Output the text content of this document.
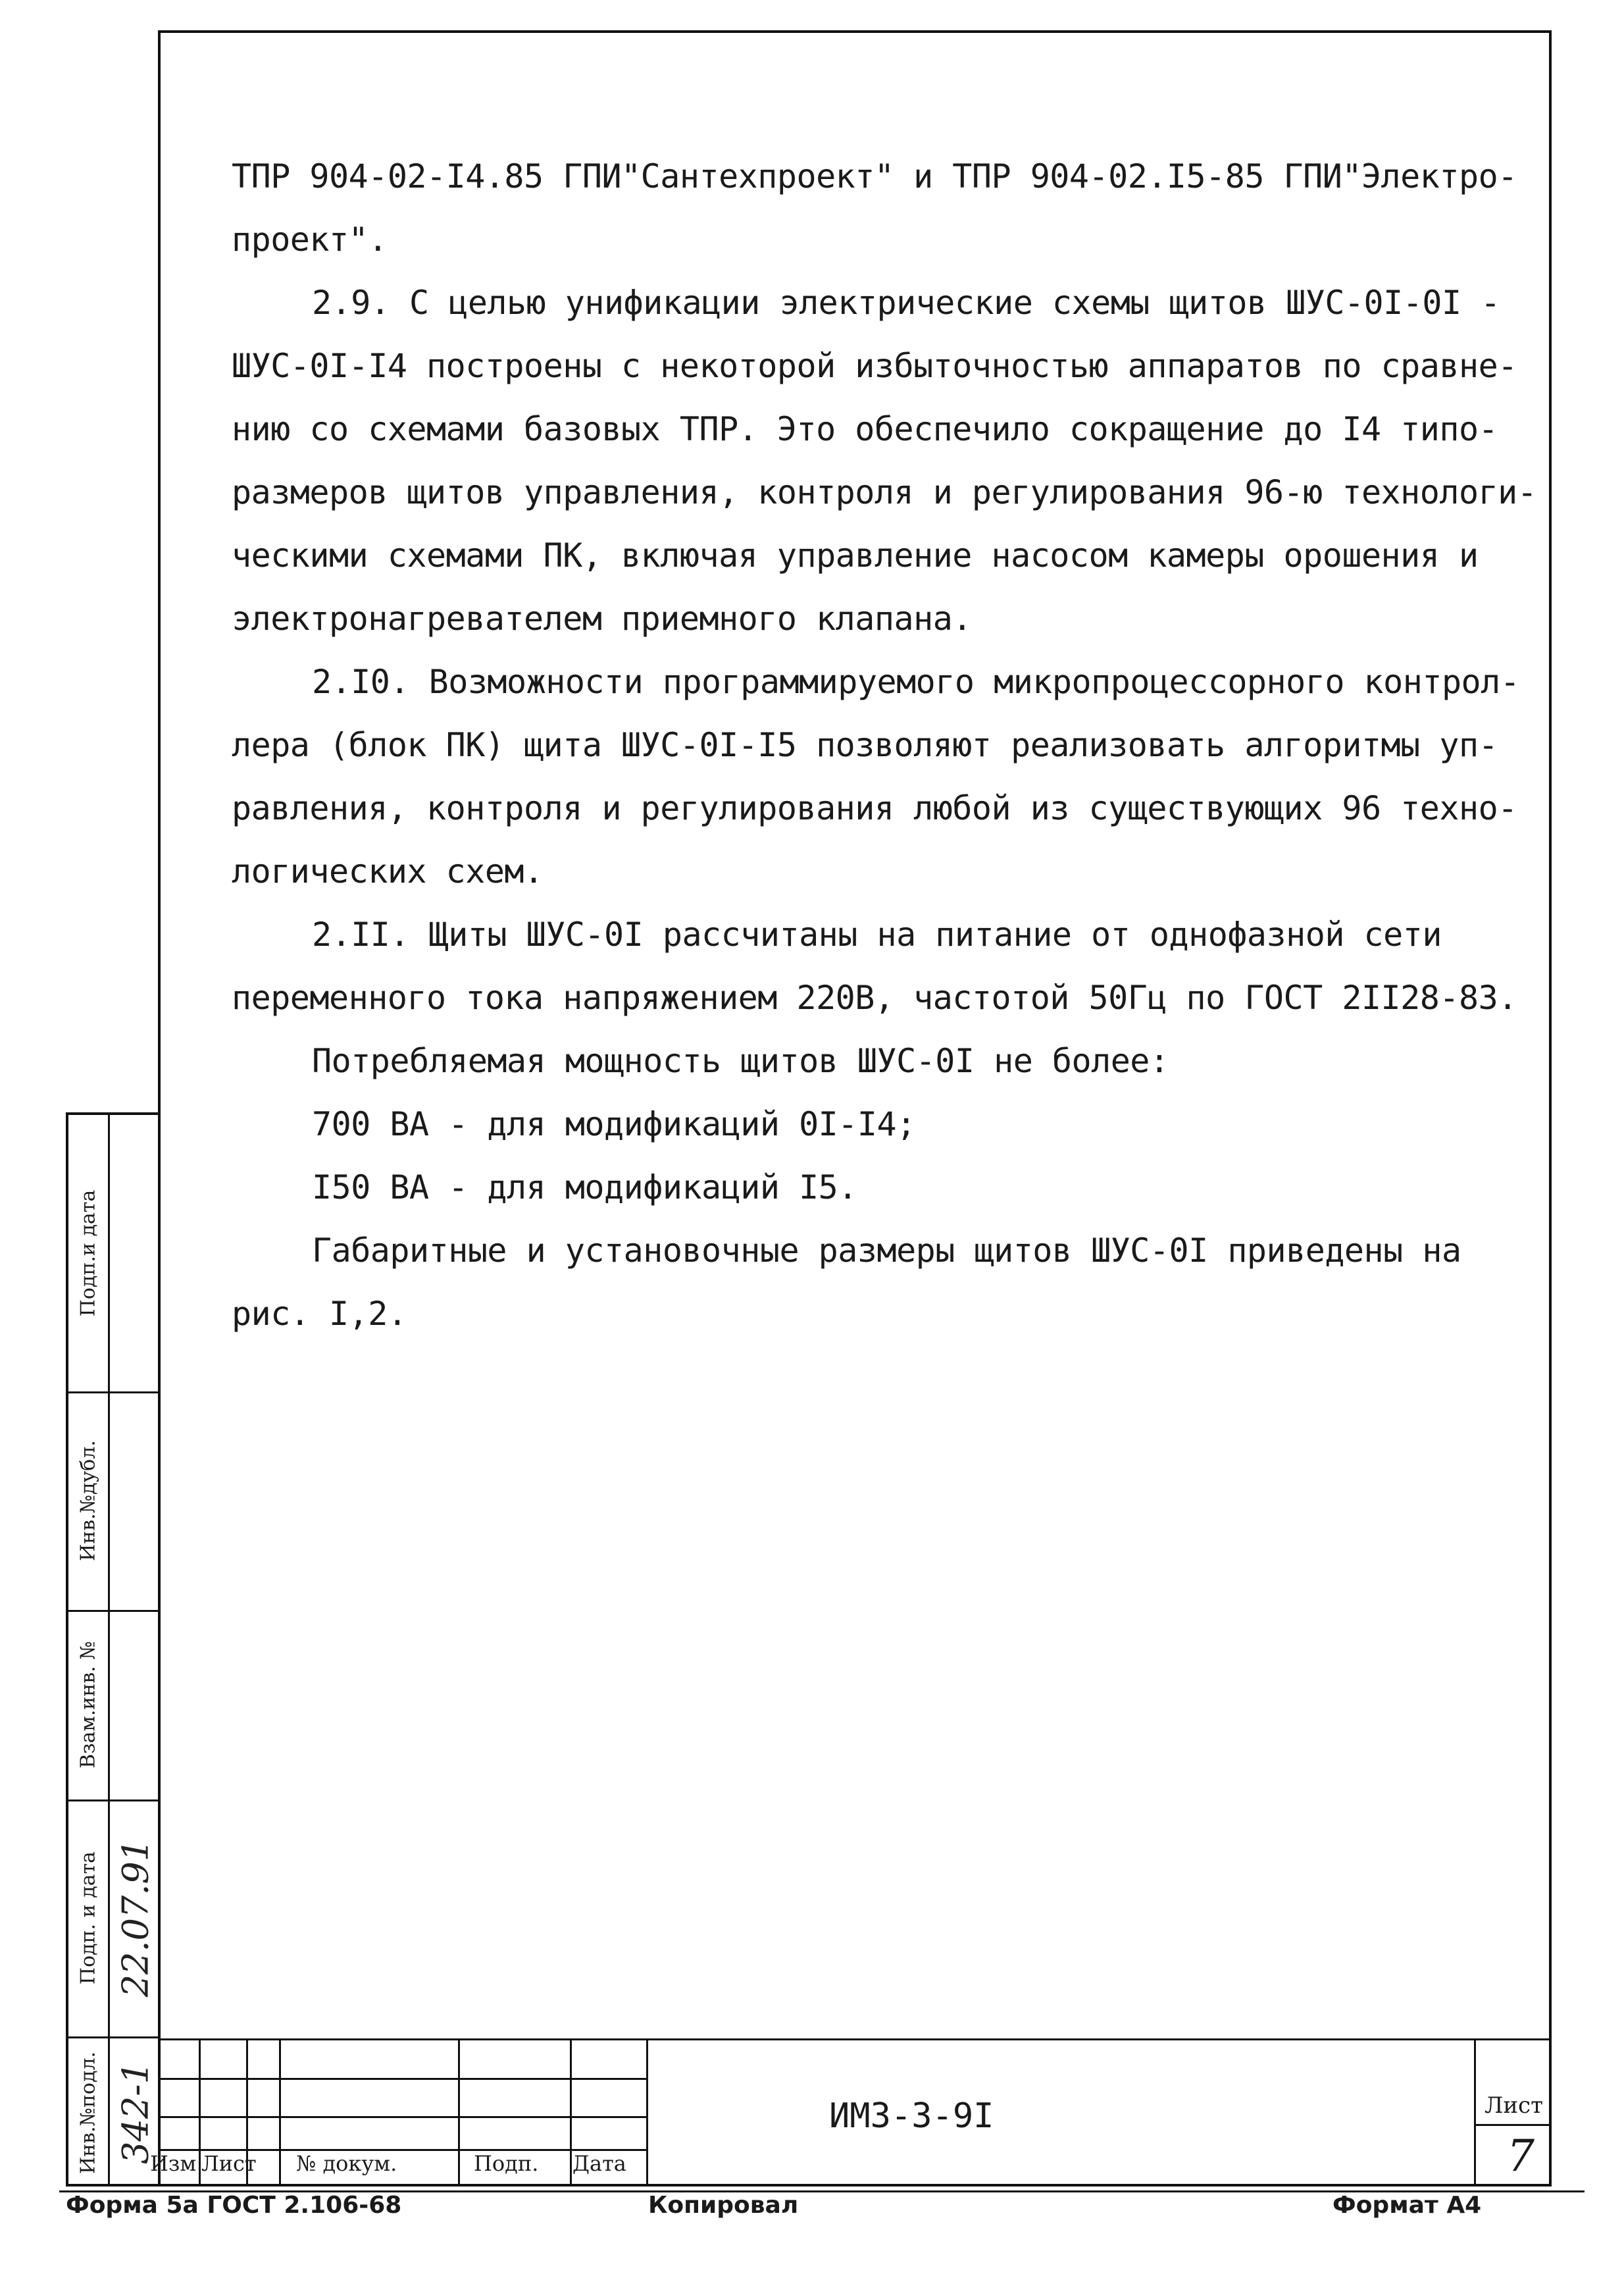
ТПР 904-02-I4.85 ГПИ"Сантехпроект" и ТПР 904-02.I5-85 ГПИ"Электро-

проект".

2.9. С целью унификации электрические схемы щитов ШУС-0I-0I -

ШУС-0I-I4 построены с некоторой избыточностью аппаратов по сравне-

нию со схемами базовых ТПР. Это обеспечило сокращение до I4 типо-

размеров щитов управления, контроля и регулирования 96-ю технологи-

ческими схемами ПК, включая управление насосом камеры орошения и

электронагревателем приемного клапана.

2.I0. Возможности программируемого микропроцессорного контрол-

лера (блок ПК) щита ШУС-0I-I5 позволяют реализовать алгоритмы уп-

равления, контроля и регулирования любой из существующих 96 техно-

логических схем.

2.II. Щиты ШУС-0I рассчитаны на питание от однофазной сети

переменного тока напряжением 220В, частотой 50Гц по ГОСТ 2II28-83.

Потребляемая мощность щитов ШУС-0I не более:

700 ВА - для модификаций 0I-I4;

I50 ВА - для модификаций I5.

Габаритные и установочные размеры щитов ШУС-0I приведены на

рис. I,2.

Подп.и дата
Инв.№дубл.
Взам.инв. №
Подп. и дата
Инв.№подл.
22.07.91
342-1
Изм Лист № докум.	Подп. Дата
ИМЗ-3-9I	Лист
7
Форма 5а ГОСТ 2.106-68	Копировал	Формат А4
